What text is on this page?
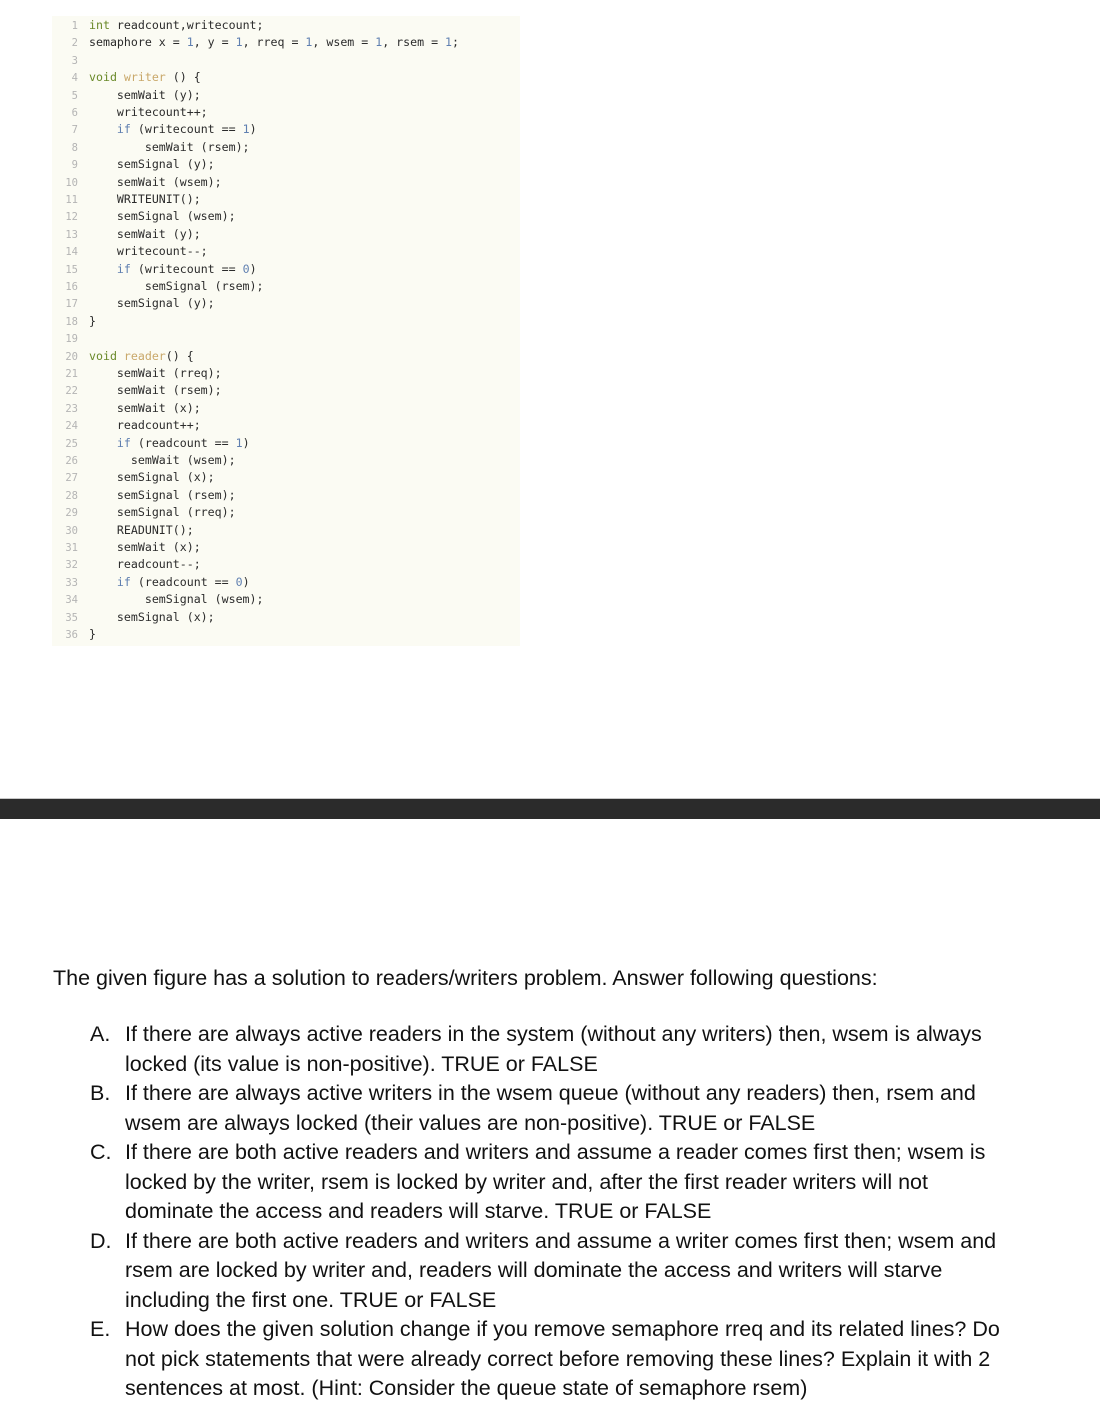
1 int readcount,writecount;
2 semaphore x = 1, y = 1, rreq = 1, wsem = 1, rsem = 1;
3
4 void writer () {
5    semWait (y);
6    writecount++;
7	if (writecount == 1)
8        semWait (rsem);
9    semSignal (y);
10    semWait (wsem);
11    WRITEUNIT();
12    semSignal (wsem);
13    semWait (y);
14    writecount--;
15	if (writecount == 0)
16        semSignal (rsem);
17    semSignal (y);
18 }
19
20 void reader() {
21    semWait (rreq);
22    semWait (rsem);
23    semWait (x);
24    readcount++;
25	if (readcount == 1)
26      semWait (wsem);
27    semSignal (x);
28    semSignal (rsem);
29    semSignal (rreq);
30    READUNIT();
31    semWait (x);
32    readcount--;
33	if (readcount == 0)
34        semSignal (wsem);
35    semSignal (x);
36 }
The given figure has a solution to readers/writers problem. Answer following questions:
A. If there are always active readers in the system (without any writers) then, wsem is always locked (its value is non-positive). TRUE or FALSE
B. If there are always active writers in the wsem queue (without any readers) then, rsem and wsem are always locked (their values are non-positive). TRUE or FALSE
C. If there are both active readers and writers and assume a reader comes first then; wsem is locked by the writer, rsem is locked by writer and, after the first reader writers will not dominate the access and readers will starve. TRUE or FALSE
D. If there are both active readers and writers and assume a writer comes first then; wsem and rsem are locked by writer and, readers will dominate the access and writers will starve including the first one. TRUE or FALSE
E. How does the given solution change if you remove semaphore rreq and its related lines? Do not pick statements that were already correct before removing these lines? Explain it with 2 sentences at most. (Hint: Consider the queue state of semaphore rsem)
